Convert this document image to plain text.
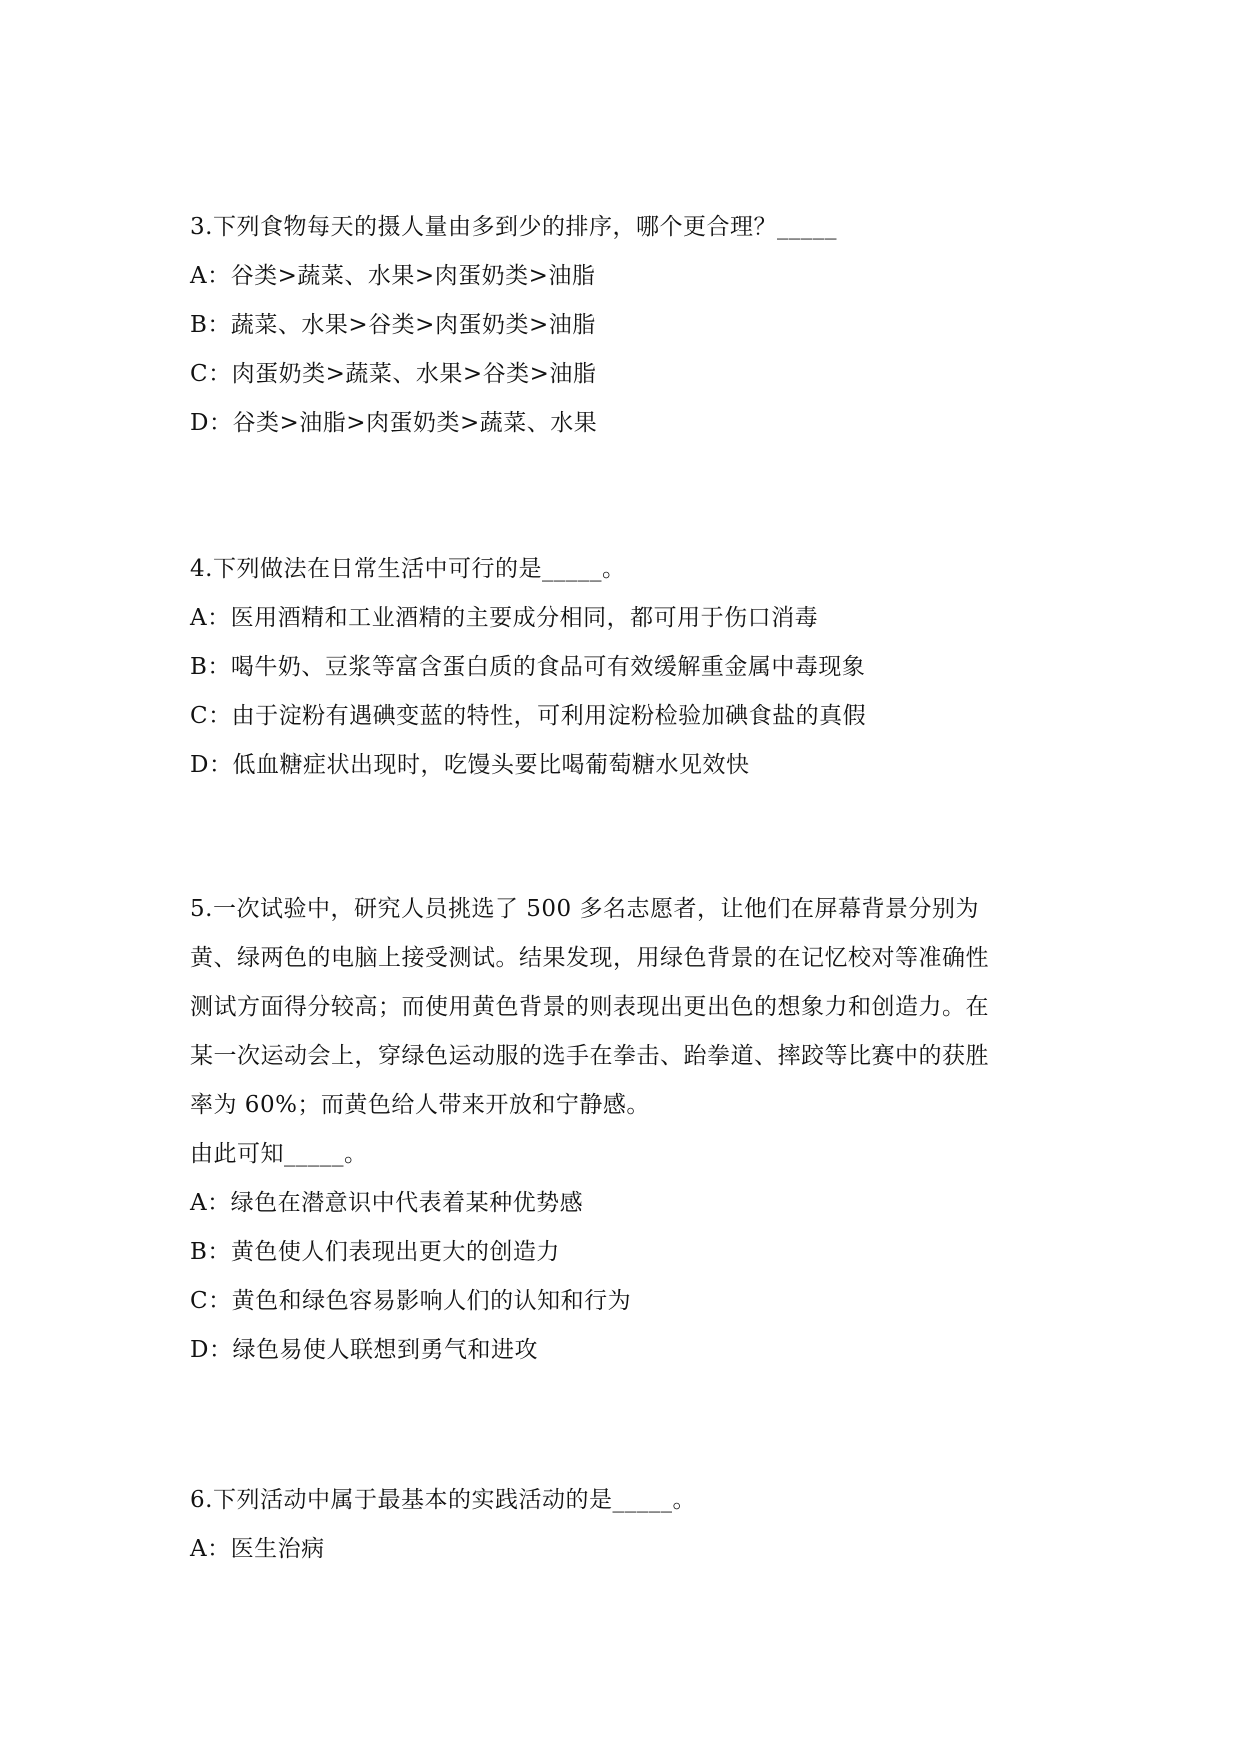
3.下列食物每天的摄人量由多到少的排序，哪个更合理？_____
A：谷类>蔬菜、水果>肉蛋奶类>油脂
B：蔬菜、水果>谷类>肉蛋奶类>油脂
C：肉蛋奶类>蔬菜、水果>谷类>油脂
D：谷类>油脂>肉蛋奶类>蔬菜、水果
4.下列做法在日常生活中可行的是_____。
A：医用酒精和工业酒精的主要成分相同，都可用于伤口消毒
B：喝牛奶、豆浆等富含蛋白质的食品可有效缓解重金属中毒现象
C：由于淀粉有遇碘变蓝的特性，可利用淀粉检验加碘食盐的真假
D：低血糖症状出现时，吃馒头要比喝葡萄糖水见效快
5.一次试验中，研究人员挑选了 500 多名志愿者，让他们在屏幕背景分别为
黄、绿两色的电脑上接受测试。结果发现，用绿色背景的在记忆校对等准确性
测试方面得分较高；而使用黄色背景的则表现出更出色的想象力和创造力。在
某一次运动会上，穿绿色运动服的选手在拳击、跆拳道、摔跤等比赛中的获胜
率为 60%；而黄色给人带来开放和宁静感。
由此可知_____。
A：绿色在潜意识中代表着某种优势感
B：黄色使人们表现出更大的创造力
C：黄色和绿色容易影响人们的认知和行为
D：绿色易使人联想到勇气和进攻
6.下列活动中属于最基本的实践活动的是_____。
A：医生治病
